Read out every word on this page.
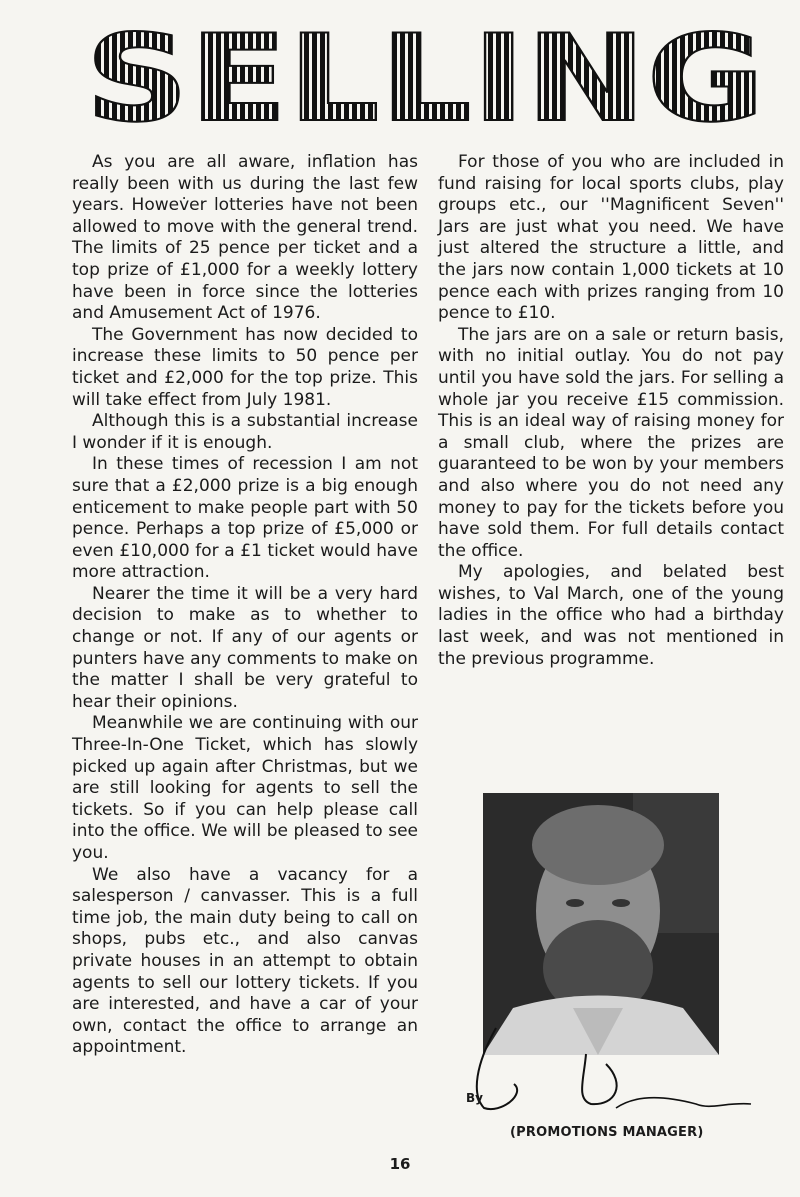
SELLING

As you are all aware, inflation has really been with us during the last few years. Howev̇er lotteries have not been allowed to move with the general trend. The limits of 25 pence per ticket and a top prize of £1,000 for a weekly lottery have been in force since the lotteries and Amusement Act of 1976.

The Government has now decided to increase these limits to 50 pence per ticket and £2,000 for the top prize. This will take effect from July 1981.

Although this is a substantial increase I wonder if it is enough.

In these times of recession I am not sure that a £2,000 prize is a big enough enticement to make people part with 50 pence. Perhaps a top prize of £5,000 or even £10,000 for a £1 ticket would have more attraction.

Nearer the time it will be a very hard decision to make as to whether to change or not. If any of our agents or punters have any comments to make on the matter I shall be very grateful to hear their opinions.

Meanwhile we are continuing with our Three-In-One Ticket, which has slowly picked up again after Christmas, but we are still looking for agents to sell the tickets. So if you can help please call into the office. We will be pleased to see you.

We also have a vacancy for a salesperson / canvasser. This is a full time job, the main duty being to call on shops, pubs etc., and also canvas private houses in an attempt to obtain agents to sell our lottery tickets. If you are interested, and have a car of your own, contact the office to arrange an appointment.

For those of you who are included in fund raising for local sports clubs, play groups etc., our ''Magnificent Seven'' Jars are just what you need. We have just altered the structure a little, and the jars now contain 1,000 tickets at 10 pence each with prizes ranging from 10 pence to £10.

The jars are on a sale or return basis, with no initial outlay. You do not pay until you have sold the jars. For selling a whole jar you receive £15 commission. This is an ideal way of raising money for a small club, where the prizes are guaranteed to be won by your members and also where you do not need any money to pay for the tickets before you have sold them. For full details contact the office.

My apologies, and belated best wishes, to Val March, one of the young ladies in the office who had a birthday last week, and was not mentioned in the previous programme.

By
(PROMOTIONS MANAGER)
16
